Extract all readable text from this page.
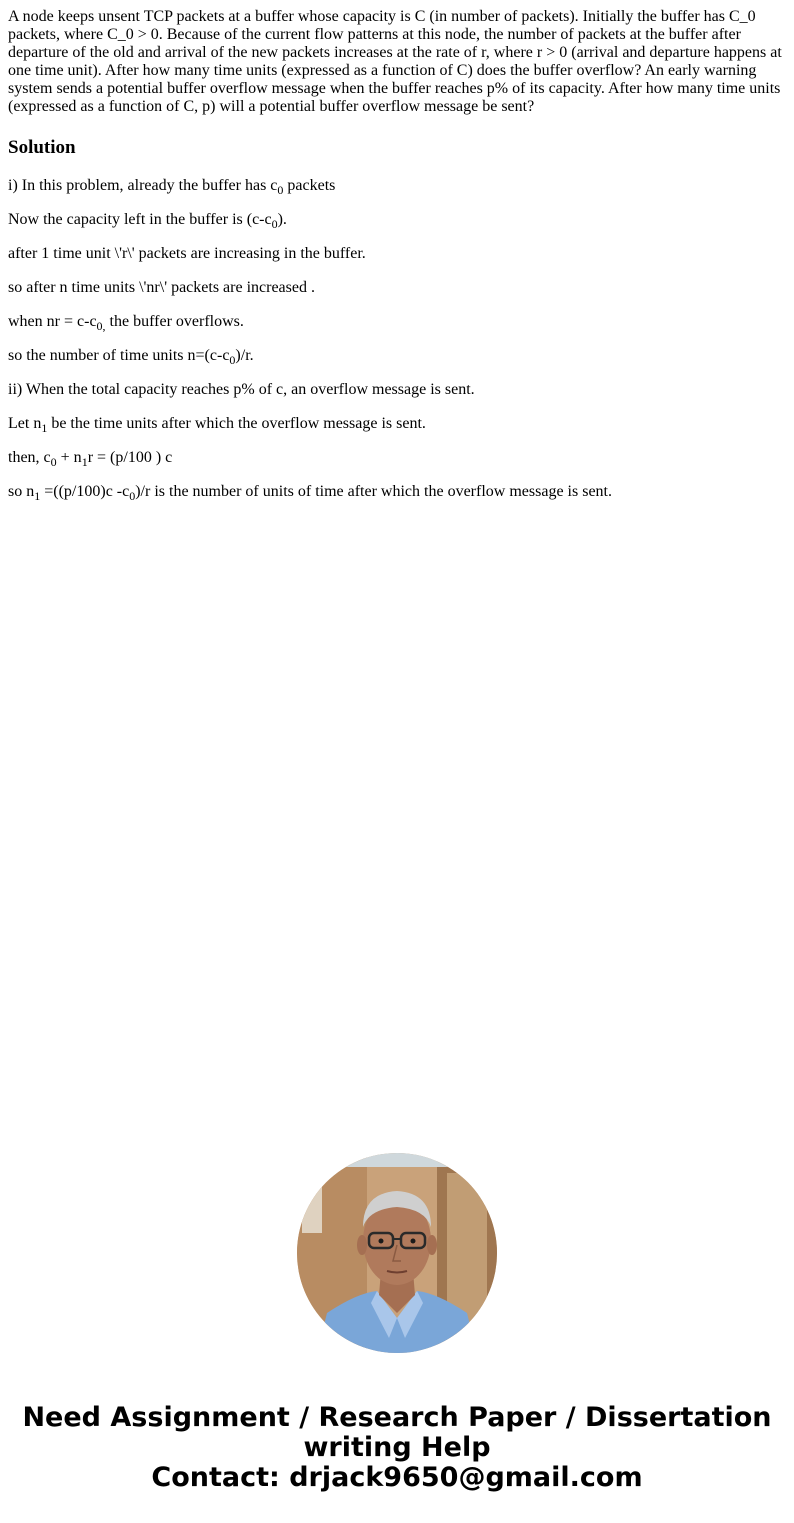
A node keeps unsent TCP packets at a buffer whose capacity is C (in number of packets). Initially the buffer has C_0 packets, where C_0 > 0. Because of the current flow patterns at this node, the number of packets at the buffer after departure of the old and arrival of the new packets increases at the rate of r, where r > 0 (arrival and departure happens at one time unit). After how many time units (expressed as a function of C) does the buffer overflow? An early warning system sends a potential buffer overflow message when the buffer reaches p% of its capacity. After how many time units (expressed as a function of C, p) will a potential buffer overflow message be sent?

Solution

i) In this problem, already the buffer has $c_0$ packets

Now the capacity left in the buffer is $(c-c_0)$.

after 1 time unit \'r\' packets are increasing in the buffer.

so after n time units \'nr\' packets are increased .

when nr = $c-c_{0,}$ the buffer overflows.

so the number of time units $n=(c-c_0)/r$.

ii) When the total capacity reaches p% of c, an overflow message is sent.

Let $n_1$ be the time units after which the overflow message is sent.

then, $c_0 + n_1r = (p/100$ ) c

so $n_1 =((p/100)c$ $-c_0)/r$ is the number of units of time after which the overflow message is sent.

Need Assignment / Research Paper / Dissertation
writing Help
Contact: drjack9650@gmail.com
